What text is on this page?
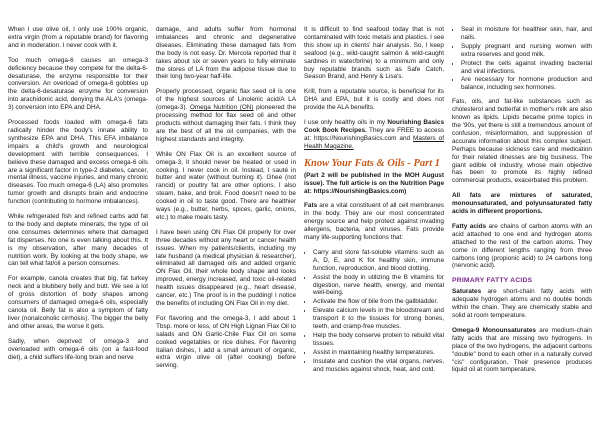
When I use olive oil, I only use 100% organic, extra virgin (from a reputable brand) for flavoring and in moderation. I never cook with it.

Too much omega-6 causes an omega-3 deficiency because they compete for the delta-6-desaturase, the enzyme responsible for their conversion. An overload of omega-6 gobbles up the delta-6-desaturase enzyme for conversion into arachidonic acid, denying the ALA's (omega-3) conversion into EPA and DHA.

Processed foods loaded with omega-6 fats radically hinder the body's innate ability to synthesize EPA and DHA. This EFA imbalance impairs a child's growth and neurological development with terrible consequences. I believe these damaged and excess omega-6 oils are a significant factor in type-2 diabetes, cancer, mental illness, vaccine injuries, and many chronic diseases. Too much omega-6 (LA) also promotes tumor growth and disrupts brain and endocrine function (contributing to hormone imbalances).

While refrigerated fish and refined carbs add fat to the body and deplete minerals, the type of oil one consumes determines where that damaged fat disperses. No one is even talking about this. It is my observation, after many decades of nutrition work. By looking at the body shape, we can tell what fat/oil a person consumes.

For example, canola creates that big, fat turkey neck and a blubbery belly and butt. We see a lot of gross distortion of body shapes among consumers of damaged omega-6 oils, especially canola oil. Belly fat is also a symptom of fatty liver (nonalcoholic cirrhosis). The bigger the belly and other areas, the worse it gets.

Sadly, when deprived of omega-3 and overloaded with omega-6 oils (on a fast-food diet), a child suffers life-long brain and nerve

damage, and adults suffer from hormonal imbalances and chronic and degenerative diseases. Eliminating these damaged fats from the body is not easy. Dr. Mercola reported that it takes about six or seven years to fully eliminate the stores of LA from the adipose tissue due to their long two-year half-life.

Properly processed, organic flax seed oil is one of the highest sources of Linolenic acid/A LA (omega-3). Omega Nutrition (ON) pioneered the processing method for flax seed oil and other products without damaging their fats. I think they are the best of all the oil companies, with the highest standards and integrity.

While ON Flax Oil is an excellent source of omega-3, it should never be heated or used in cooking. I never cook in oil. Instead, I sauté in butter and water (without burning it). Ghee (not rancid) or poultry fat are other options. I also steam, bake, and broil. Food doesn't need to be cooked in oil to taste good. There are healthier ways (e.g., butter, herbs, spices, garlic, onions, etc.) to make meals tasty.

I have been using ON Flax Oil properly for over three decades without any heart or cancer health issues. When my patients/clients, including my late husband (a medical physician & researcher), eliminated all damaged oils and added organic ON Flax Oil, their whole body shape and looks improved, energy increased, and toxic oil-related health issues disappeared (e.g., heart disease, cancer, etc.) The proof is in the pudding! I notice the benefits of including ON Flax Oil in my diet.

For flavoring and the omega-3, I add about 1 Tbsp. more or less, of ON High Lignan Flax Oil to salads and ON Garlic-Chile Flax Oil on some cooked vegetables or rice dishes. For flavoring Italian dishes, I add a small amount of organic, extra virgin olive oil (after cooking) before serving.

It is difficult to find seafood today that is not contaminated with toxic metals and plastics. I see this show up in clients' hair analysis. So, I keep seafood (e.g., wild-caught salmon & wild-caught sardines in water/brine) to a minimum and only buy reputable brands such as Safe Catch, Season Brand, and Henry & Lisa's.

Krill, from a reputable source, is beneficial for its DHA and EPA, but it is costly and does not provide the ALA benefits.

I use only healthy oils in my Nourishing Basics Cook Book Recipes. They are FREE to access at: https://NourishingBasics.com and Masters of Health Magazine.

Know Your Fats & Oils - Part 1

(Part 2 will be published in the MOH August issue). The full article is on the Nutrition Page at: https://NourishingBasics.com)

Fats are a vital constituent of all cell membranes in the body. They are our most concentrated energy source and help protect against invading allergens, bacteria, and viruses. Fats provide many life-supporting functions that:

• Carry and store fat-soluble vitamins such as A, D, E, and K for healthy skin, immune function, reproduction, and blood clotting.
• Assist the body in utilizing the B vitamins for digestion, nerve health, energy, and mental well-being.
• Activate the flow of bile from the gallbladder.
• Elevate calcium levels in the bloodstream and transport it to the tissues for strong bones, teeth, and cramp-free muscles.
• Help the body conserve protein to rebuild vital tissues.
• Assist in maintaining healthy temperatures.
• Insulate and cushion the vital organs, nerves, and muscles against shock, heat, and cold.
• Seal in moisture for healthier skin, hair, and nails.
• Supply pregnant and nursing women with extra reserves and good milk.
• Protect the cells against invading bacterial and viral infections.
• Are necessary for hormone production and balance, including sex hormones.

Fats, oils, and fat-like substances such as cholesterol and butterfat in mother's milk are also known as lipids. Lipids became prime topics in the '90s, yet there is still a tremendous amount of confusion, misinformation, and suppression of accurate information about this complex subject. Perhaps because sickness care and medication for their related illnesses are big business. The giant edible oil industry, whose main objective has been to promote its highly refined commercial products, exacerbated this problem.

All fats are mixtures of saturated, monounsaturated, and polyunsaturated fatty acids in different proportions.

Fatty acids are chains of carbon atoms with an acid attached to one end and hydrogen atoms attached to the rest of the carbon atoms. They come in different lengths ranging from three carbons long (propionic acid) to 24 carbons long (nervonic acid).

PRIMARY FATTY ACIDS

Saturates are short-chain fatty acids with adequate hydrogen atoms and no double bonds within the chain. They are chemically stable and solid at room temperature.

Omega-9 Monounsaturates are medium-chain fatty acids that are missing two hydrogens. In place of the two hydrogens, the adjacent carbons "double" bond to each other in a naturally curved "cis" configuration. Their presence produces liquid oil at room temperature.
